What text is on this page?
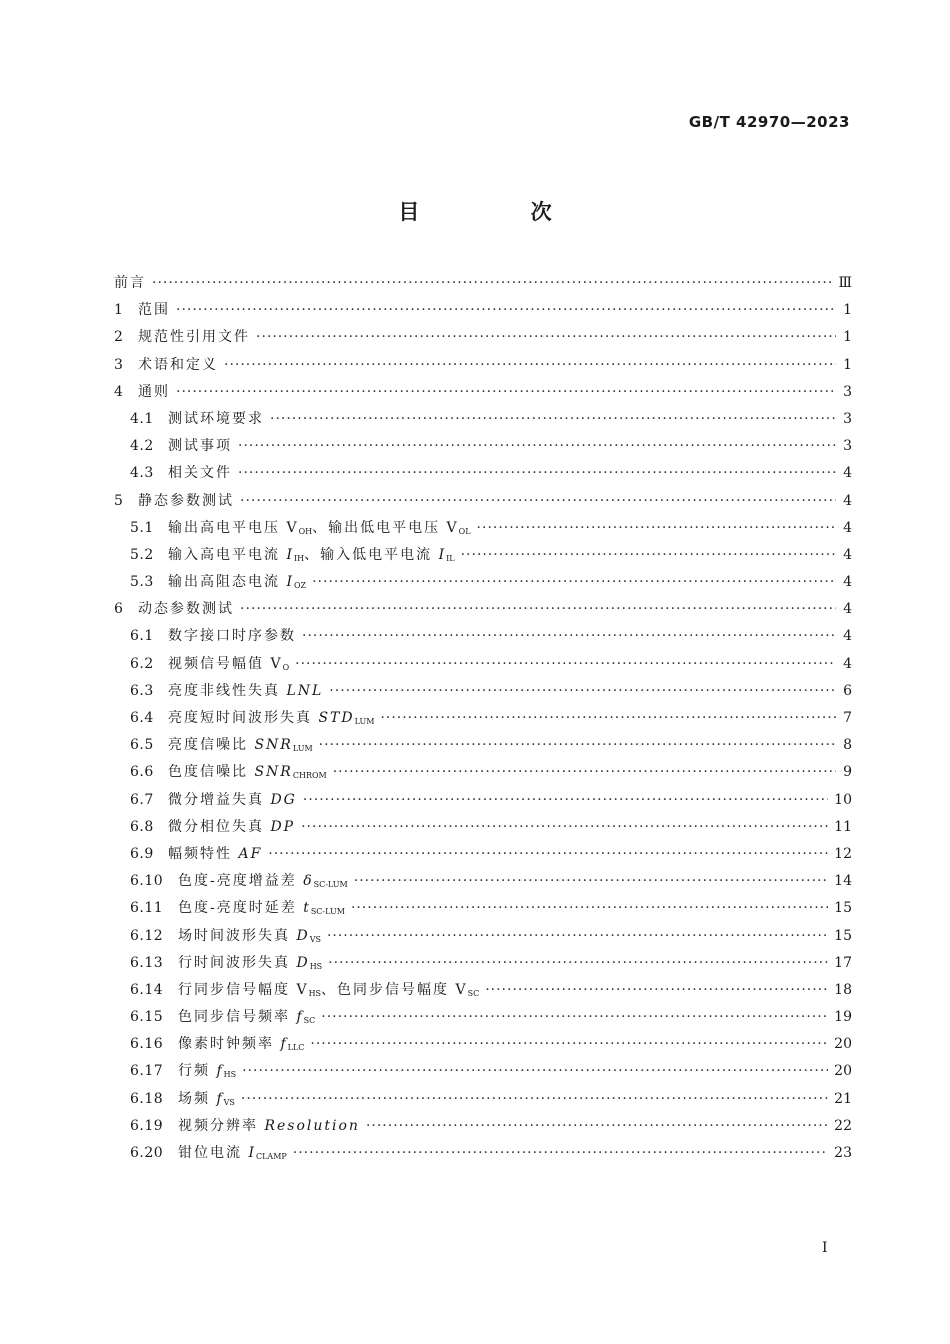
GB/T 42970—2023
目 次
前言 ·····	Ⅲ
1	范围 ·····	1
2	规范性引用文件 ·····	1
3	术语和定义 ·····	1
4	通则 ·····	3
4.1	测试环境要求 ·····	3
4.2	测试事项 ·····	3
4.3	相关文件 ·····	4
5	静态参数测试 ·····	4
5.1	输出高电平电压 $V_{OH}$、输出低电平电压 $V_{OL}$ ·····	4
5.2	输入高电平电流 $I_{IH}$、输入低电平电流 $I_{IL}$ ·····	4
5.3	输出高阻态电流 $I_{OZ}$ ·····	4
6	动态参数测试 ·····	4
6.1	数字接口时序参数 ·····	4
6.2	视频信号幅值 $V_O$ ·····	4
6.3	亮度非线性失真 LNL ·····	6
6.4	亮度短时间波形失真 $STD_{LUM}$ ·····	7
6.5	亮度信噪比 $SNR_{LUM}$ ·····	8
6.6	色度信噪比 $SNR_{CHROM}$ ·····	9
6.7	微分增益失真 DG ·····	10
6.8	微分相位失真 DP ·····	11
6.9	幅频特性 AF ·····	12
6.10	色度-亮度增益差 $\delta_{SC-LUM}$ ·····	14
6.11	色度-亮度时延差 $t_{SC-LUM}$ ·····	15
6.12	场时间波形失真 $D_{VS}$ ·····	15
6.13	行时间波形失真 $D_{HS}$ ·····	17
6.14	行同步信号幅度 $V_{HS}$、色同步信号幅度 $V_{SC}$ ·····	18
6.15	色同步信号频率 $f_{SC}$ ·····	19
6.16	像素时钟频率 $f_{LLC}$ ·····	20
6.17	行频 $f_{HS}$ ·····	20
6.18	场频 $f_{VS}$ ·····	21
6.19	视频分辨率 Resolution ·····	22
6.20	钳位电流 $I_{CLAMP}$ ·····	23
Ⅰ
